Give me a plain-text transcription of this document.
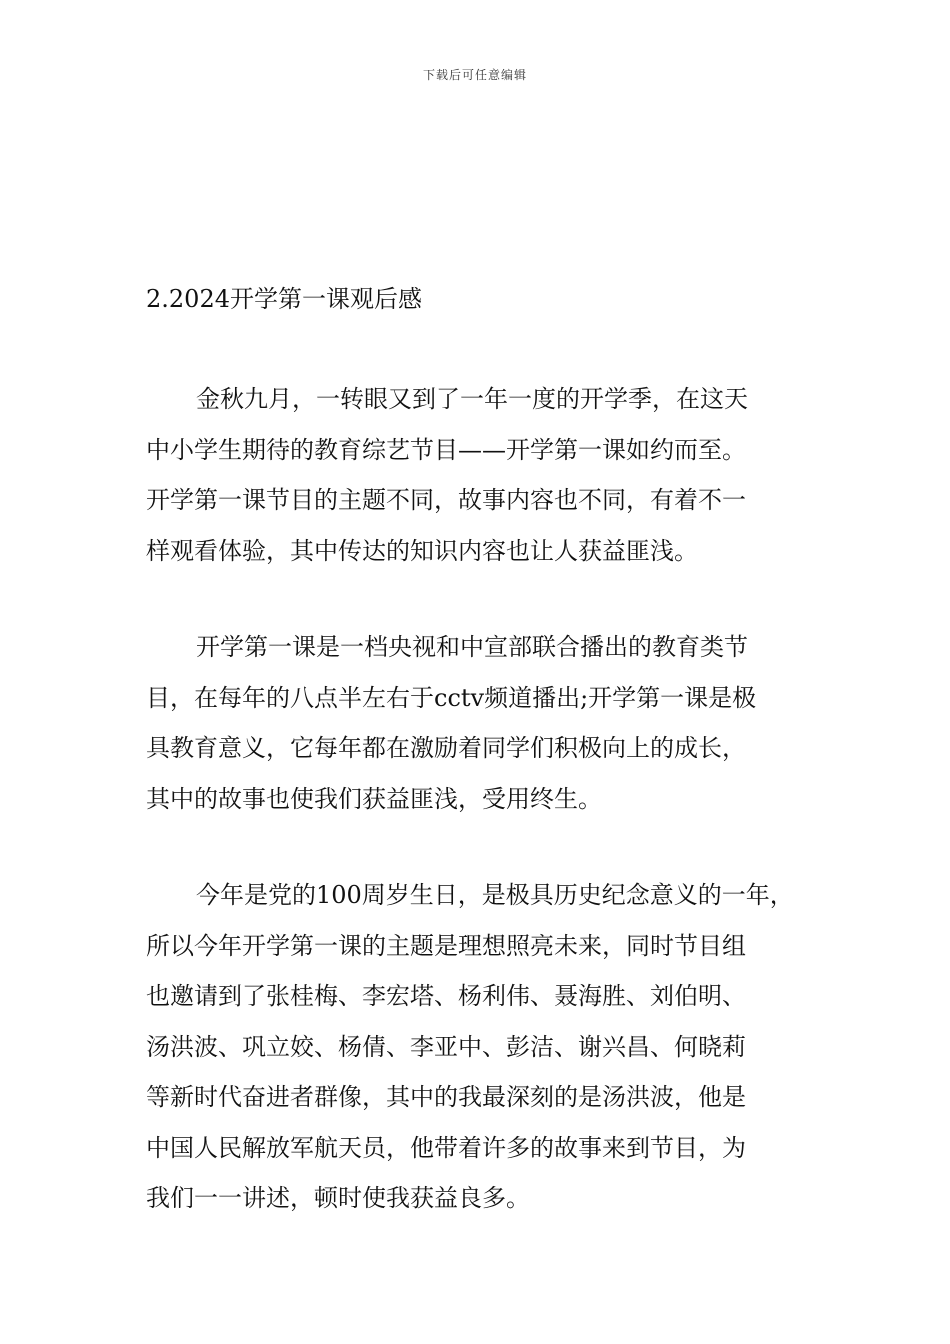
下载后可任意编辑
2.2024开学第一课观后感
金秋九月，一转眼又到了一年一度的开学季，在这天
中小学生期待的教育综艺节目——开学第一课如约而至。
开学第一课节目的主题不同，故事内容也不同，有着不一
样观看体验，其中传达的知识内容也让人获益匪浅。
开学第一课是一档央视和中宣部联合播出的教育类节
目，在每年的八点半左右于cctv频道播出;开学第一课是极
具教育意义，它每年都在激励着同学们积极向上的成长，
其中的故事也使我们获益匪浅，受用终生。
今年是党的100周岁生日，是极具历史纪念意义的一年，
所以今年开学第一课的主题是理想照亮未来，同时节目组
也邀请到了张桂梅、李宏塔、杨利伟、聂海胜、刘伯明、
汤洪波、巩立姣、杨倩、李亚中、彭洁、谢兴昌、何晓莉
等新时代奋进者群像，其中的我最深刻的是汤洪波，他是
中国人民解放军航天员，他带着许多的故事来到节目，为
我们一一讲述，顿时使我获益良多。
